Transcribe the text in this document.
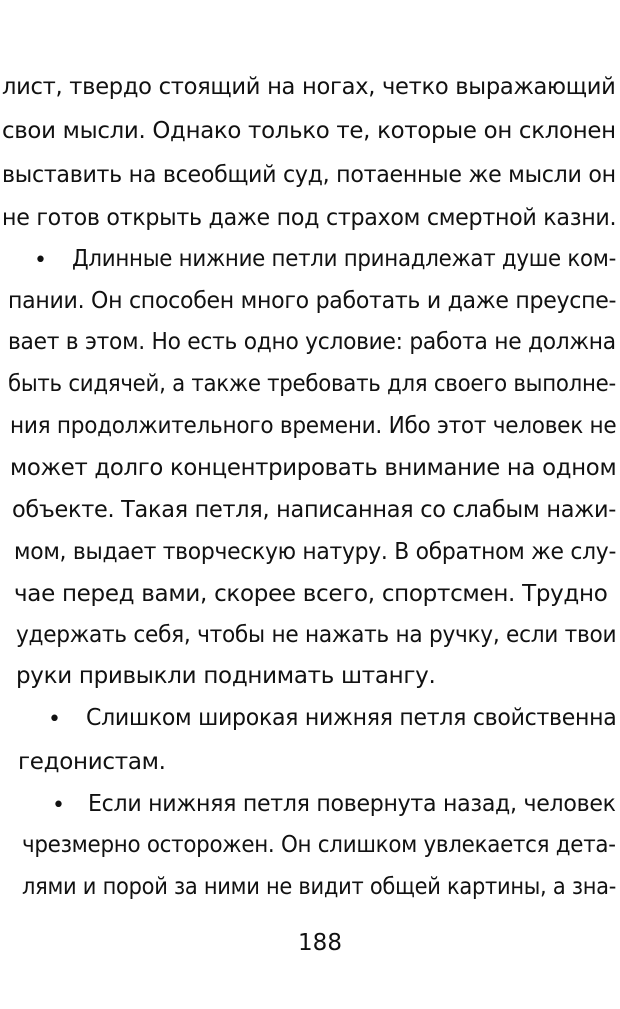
лист, твердо стоящий на ногах, четко выражающий
свои мысли. Однако только те, которые он склонен
выставить на всеобщий суд, потаенные же мысли он
не готов открыть даже под страхом смертной казни.
• Длинные нижние петли принадлежат душе ком-
пании. Он способен много работать и даже преуспе-
вает в этом. Но есть одно условие: работа не должна
быть сидячей, а также требовать для своего выполне-
ния продолжительного времени. Ибо этот человек не
может долго концентрировать внимание на одном
объекте. Такая петля, написанная со слабым нажи-
мом, выдает творческую натуру. В обратном же слу-
чае перед вами, скорее всего, спортсмен. Трудно
удержать себя, чтобы не нажать на ручку, если твои
руки привыкли поднимать штангу.
• Слишком широкая нижняя петля свойственна
гедонистам.
• Если нижняя петля повернута назад, человек
чрезмерно осторожен. Он слишком увлекается дета-
лями и порой за ними не видит общей картины, а зна-
188
